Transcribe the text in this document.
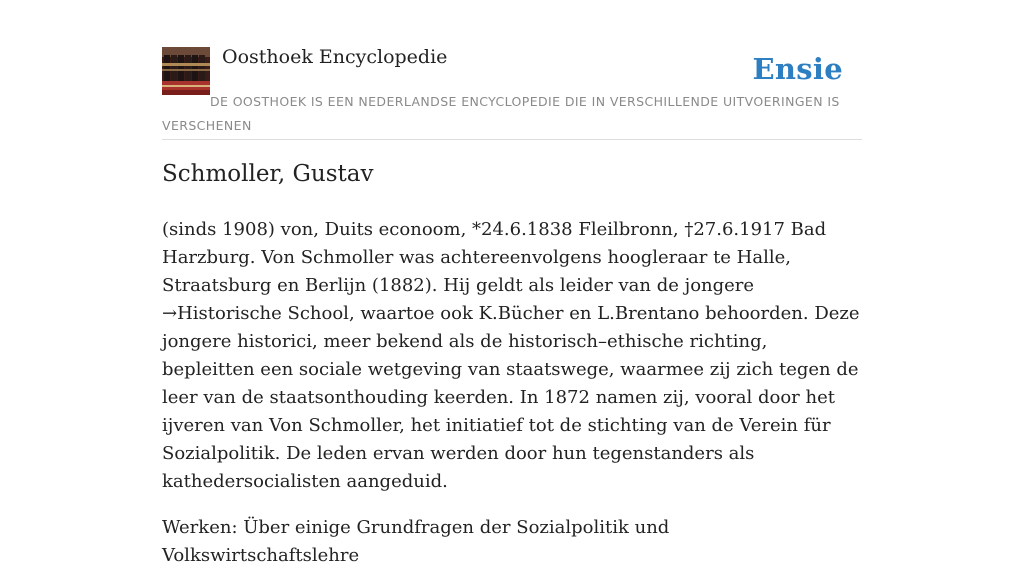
Oosthoek Encyclopedie	Ensie
DE OOSTHOEK IS EEN NEDERLANDSE ENCYCLOPEDIE DIE IN VERSCHILLENDE UITVOERINGEN IS VERSCHENEN
Schmoller, Gustav

(sinds 1908) von, Duits econoom, *24.6.1838 Fleilbronn, †27.6.1917 Bad Harzburg. Von Schmoller was achtereenvolgens hoogleraar te Halle, Straatsburg en Berlijn (1882). Hij geldt als leider van de jongere →Historische School, waartoe ook K.Bücher en L.Brentano behoorden. Deze jongere historici, meer bekend als de historisch–ethische richting, bepleitten een sociale wetgeving van staatswege, waarmee zij zich tegen de leer van de staatsonthouding keerden. In 1872 namen zij, vooral door het ijveren van Von Schmoller, het initiatief tot de stichting van de Verein für Sozialpolitik. De leden ervan werden door hun tegenstanders als kathedersocialisten aangeduid.

Werken: Über einige Grundfragen der Sozialpolitik und Volkswirtschaftslehre
